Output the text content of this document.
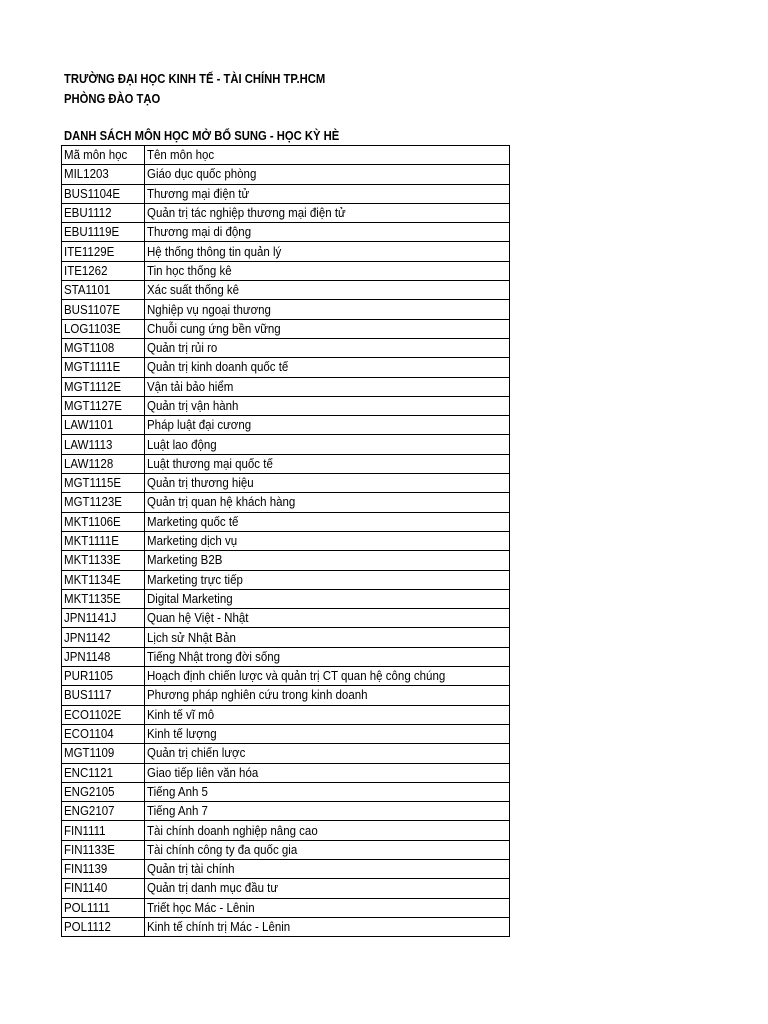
TRƯỜNG ĐẠI HỌC KINH TẾ - TÀI CHÍNH TP.HCM
PHÒNG ĐÀO TẠO
DANH SÁCH MÔN HỌC MỞ BỔ SUNG - HỌC KỲ HÈ
Mã môn học	Tên môn học
MIL1203	Giáo dục quốc phòng
BUS1104E	Thương mại điện tử
EBU1112	Quản trị tác nghiệp thương mại điện tử
EBU1119E	Thương mại di động
ITE1129E	Hệ thống thông tin quản lý
ITE1262	Tin học thống kê
STA1101	Xác suất thống kê
BUS1107E	Nghiệp vụ ngoại thương
LOG1103E	Chuỗi cung ứng bền vững
MGT1108	Quản trị rủi ro
MGT1111E	Quản trị kinh doanh quốc tế
MGT1112E	Vận tải bảo hiểm
MGT1127E	Quản trị vận hành
LAW1101	Pháp luật đại cương
LAW1113	Luật lao động
LAW1128	Luật thương mại quốc tế
MGT1115E	Quản trị thương hiệu
MGT1123E	Quản trị quan hệ khách hàng
MKT1106E	Marketing quốc tế
MKT1111E	Marketing dịch vụ
MKT1133E	Marketing B2B
MKT1134E	Marketing trực tiếp
MKT1135E	Digital Marketing
JPN1141J	Quan hệ Việt - Nhật
JPN1142	Lịch sử Nhật Bản
JPN1148	Tiếng Nhật trong đời sống
PUR1105	Hoạch định chiến lược và quản trị CT quan hệ công chúng
BUS1117	Phương pháp nghiên cứu trong kinh doanh
ECO1102E	Kinh tế vĩ mô
ECO1104	Kinh tế lượng
MGT1109	Quản trị chiến lược
ENC1121	Giao tiếp liên văn hóa
ENG2105	Tiếng Anh 5
ENG2107	Tiếng Anh 7
FIN1111	Tài chính doanh nghiệp nâng cao
FIN1133E	Tài chính công ty đa quốc gia
FIN1139	Quản trị tài chính
FIN1140	Quản trị danh mục đầu tư
POL1111	Triết học Mác - Lênin
POL1112	Kinh tế chính trị Mác - Lênin
